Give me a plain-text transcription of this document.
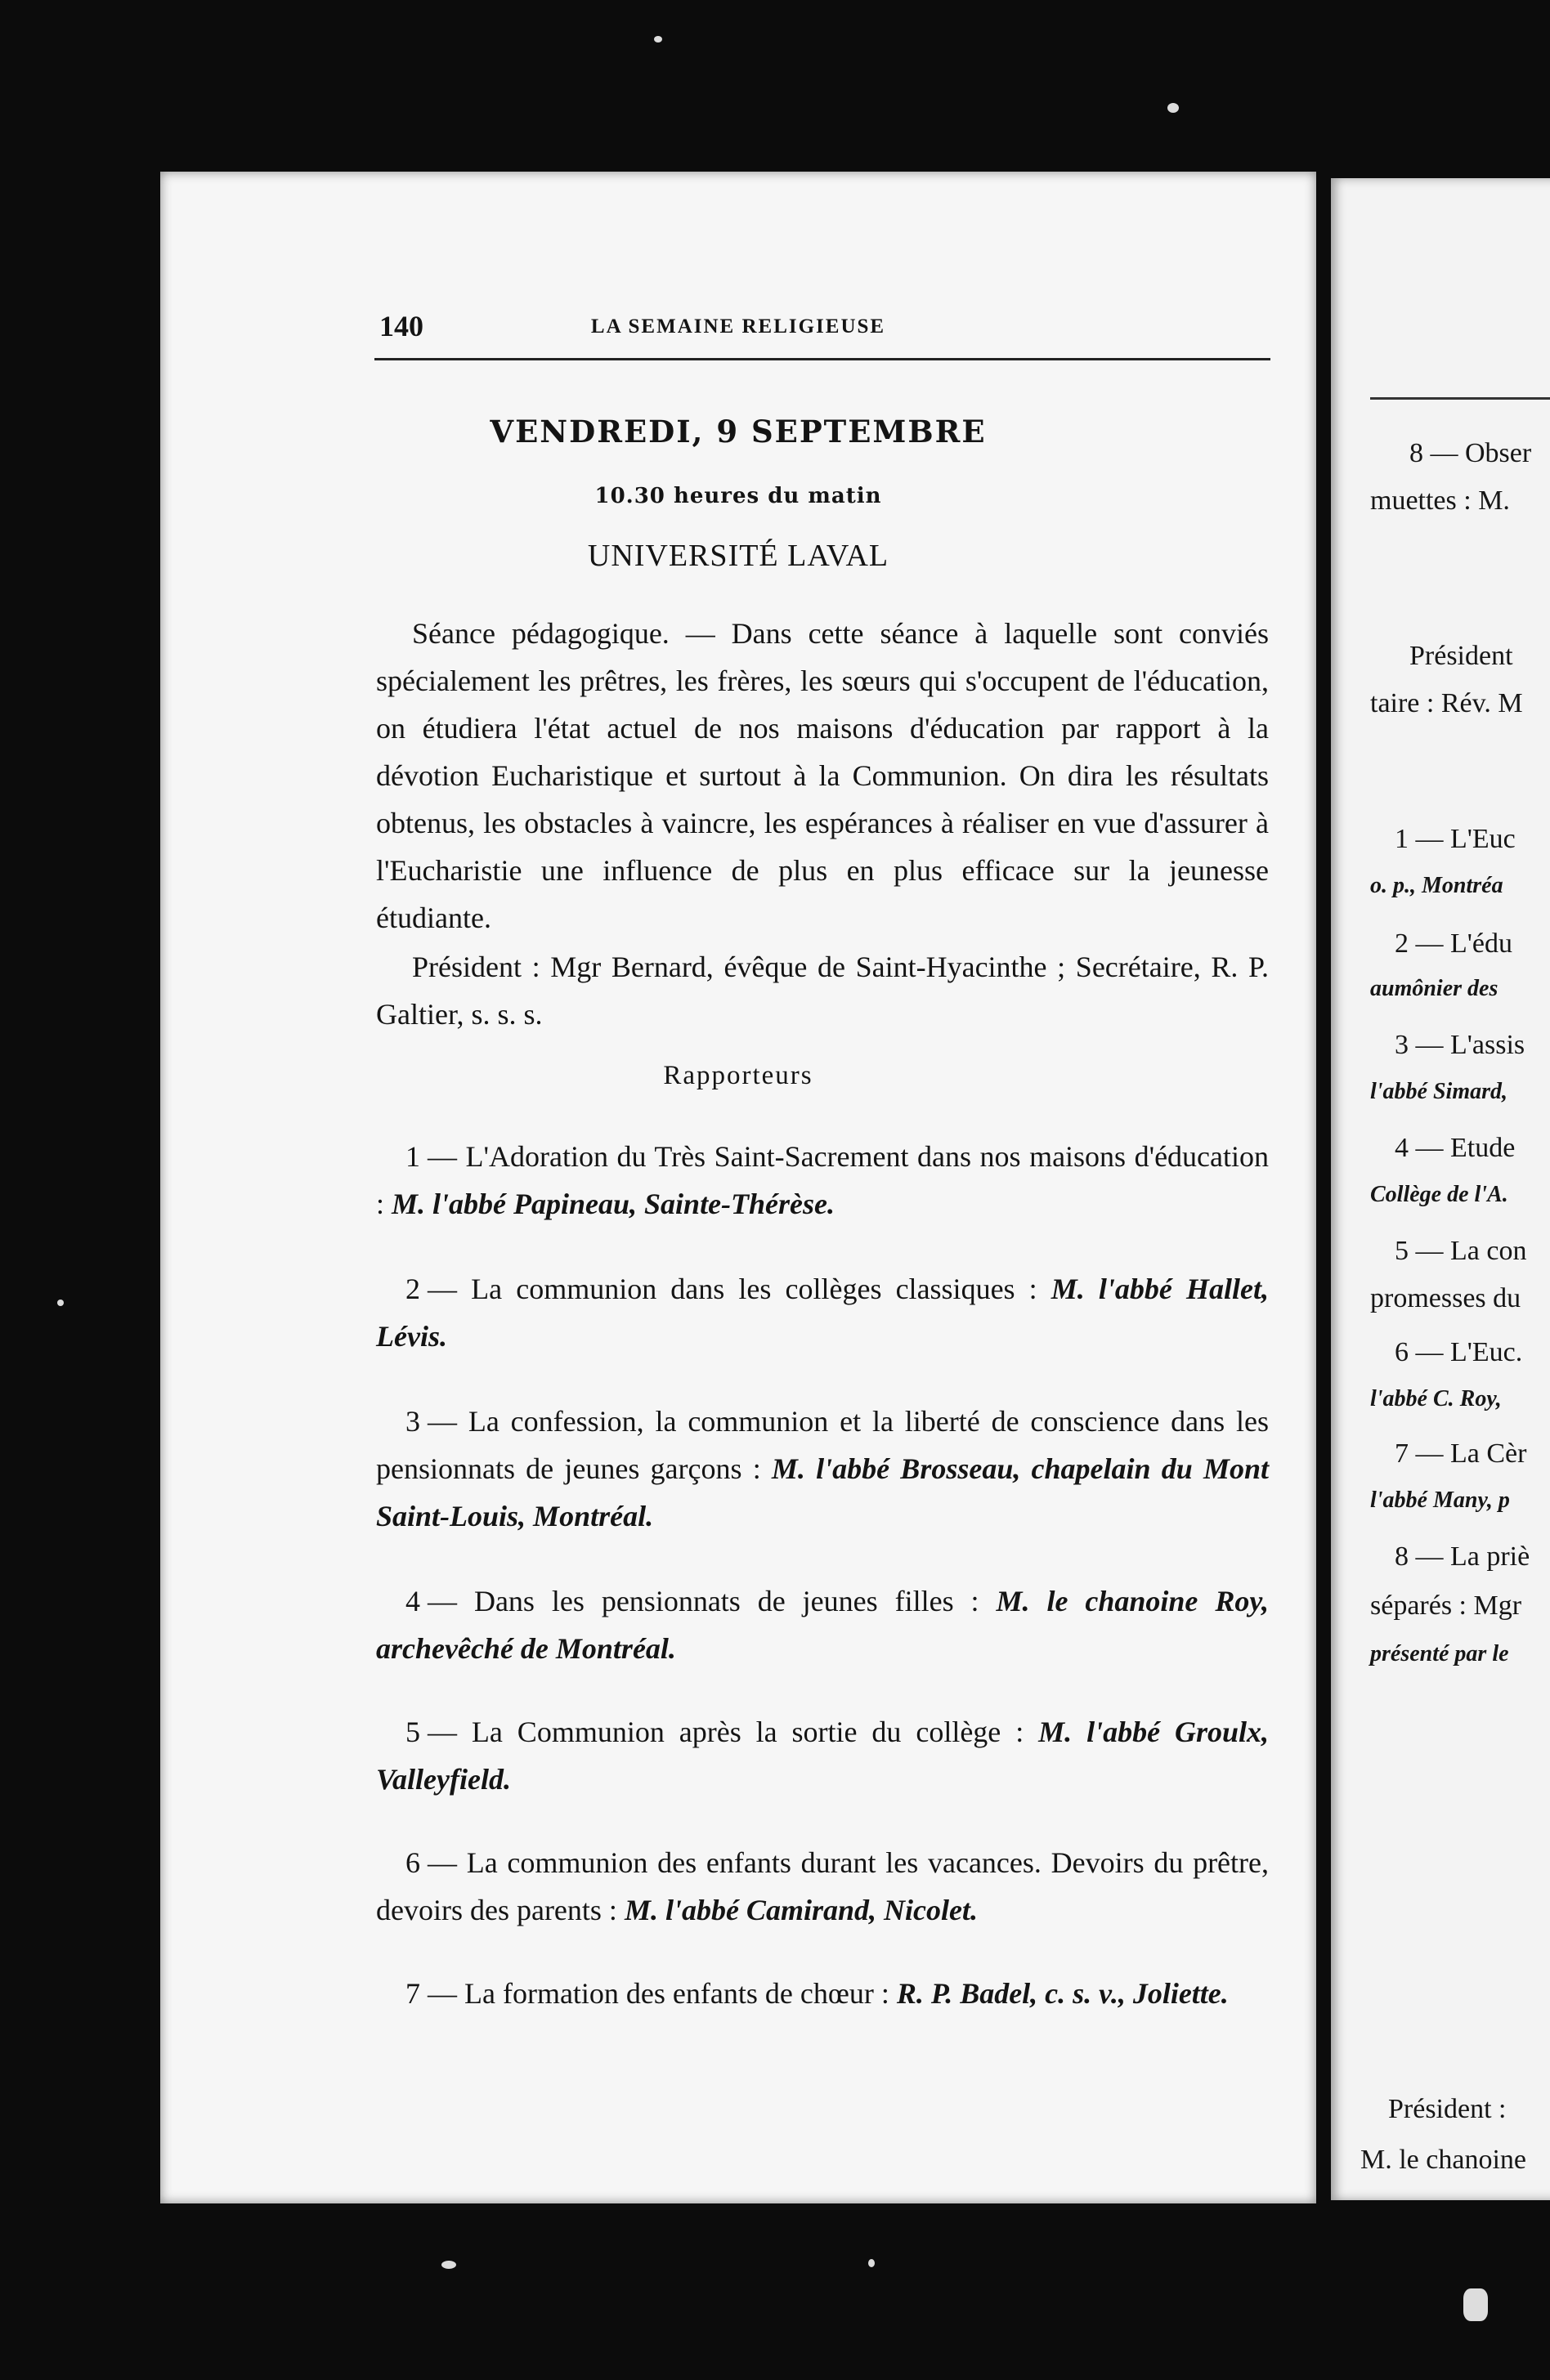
140	LA SEMAINE RELIGIEUSE
VENDREDI, 9 SEPTEMBRE
10.30 heures du matin
UNIVERSITÉ LAVAL
Séance pédagogique. — Dans cette séance à laquelle sont conviés spécialement les prêtres, les frères, les sœurs qui s'occupent de l'éducation, on étudiera l'état actuel de nos maisons d'éducation par rapport à la dévotion Eucharistique et surtout à la Communion. On dira les résultats obtenus, les obstacles à vaincre, les espérances à réaliser en vue d'assurer à l'Eucharistie une influence de plus en plus efficace sur la jeunesse étudiante.
Président : Mgr Bernard, évêque de Saint-Hyacinthe ; Secrétaire, R. P. Galtier, s. s. s.
Rapporteurs
1 — L'Adoration du Très Saint-Sacrement dans nos maisons d'éducation : M. l'abbé Papineau, Sainte-Thérèse.
2 — La communion dans les collèges classiques : M. l'abbé Hallet, Lévis.
3 — La confession, la communion et la liberté de conscience dans les pensionnats de jeunes garçons : M. l'abbé Brosseau, chapelain du Mont Saint-Louis, Montréal.
4 — Dans les pensionnats de jeunes filles : M. le chanoine Roy, archevêché de Montréal.
5 — La Communion après la sortie du collège : M. l'abbé Groulx, Valleyfield.
6 — La communion des enfants durant les vacances. Devoirs du prêtre, devoirs des parents : M. l'abbé Camirand, Nicolet.
7 — La formation des enfants de chœur : R. P. Badel, c. s. v., Joliette.
8 — Obser
muettes : M.
Président
taire : Rév. M
1 — L'Euc
o. p., Montréa
2 — L'édu
aumônier des
3 — L'assis
l'abbé Simard,
4 — Etude
Collège de l'A.
5 — La con
promesses du
6 — L'Euc.
l'abbé C. Roy,
7 — La Cèr
l'abbé Many, p
8 — La priè
séparés : Mgr
présenté par le
Président :
M. le chanoine
